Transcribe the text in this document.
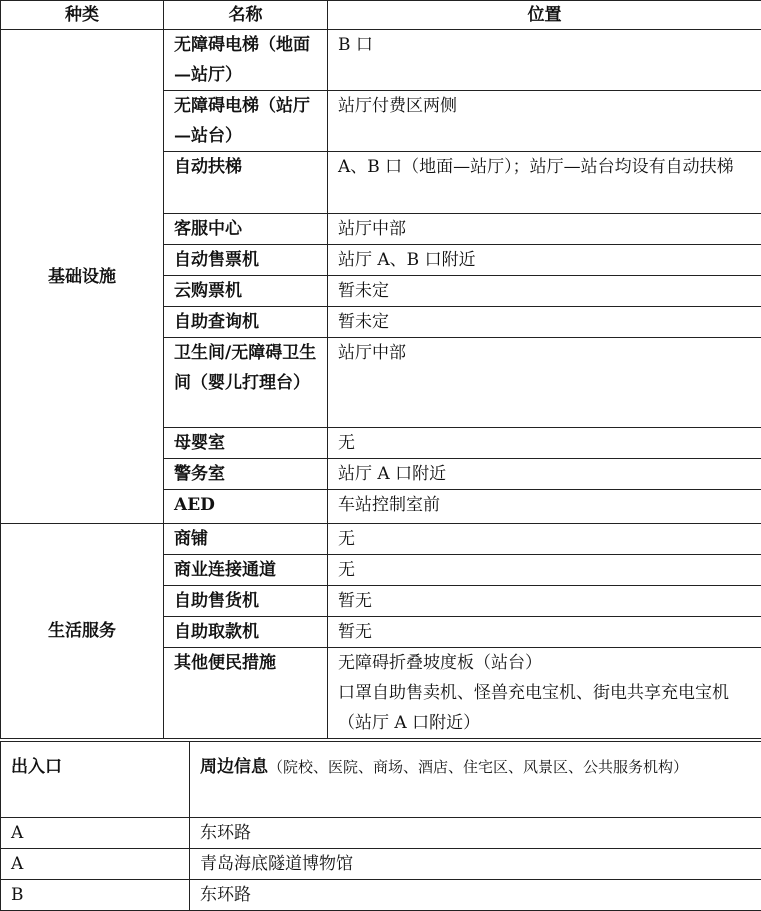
种类	名称	位置
基础设施	无障碍电梯（地面—站厅）	B 口
	无障碍电梯（站厅—站台）	站厅付费区两侧
	自动扶梯	A、B 口（地面—站厅）；站厅—站台均设有自动扶梯
	客服中心	站厅中部
	自动售票机	站厅 A、B 口附近
	云购票机	暂未定
	自助查询机	暂未定
	卫生间/无障碍卫生间（婴儿打理台）	站厅中部
	母婴室	无
	警务室	站厅 A 口附近
	AED	车站控制室前
生活服务	商铺	无
	商业连接通道	无
	自助售货机	暂无
	自助取款机	暂无
	其他便民措施	无障碍折叠坡度板（站台）
口罩自助售卖机、怪兽充电宝机、街电共享充电宝机（站厅 A 口附近）
出入口	周边信息（院校、医院、商场、酒店、住宅区、风景区、公共服务机构）
A	东环路
A	青岛海底隧道博物馆
B	东环路
